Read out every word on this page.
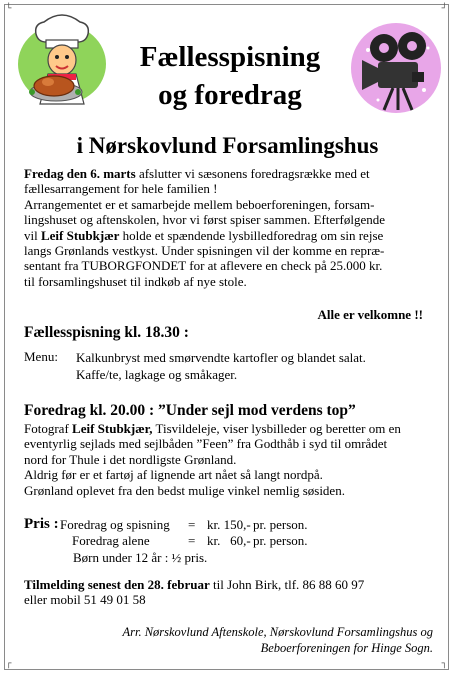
└	┘
┌	┐
Fællesspisning
og foredrag
i Nørskovlund Forsamlingshus
Fredag den 6. marts afslutter vi sæsonens foredragsrække med et
fællesarrangement for hele familien !
Arrangementet er et samarbejde mellem beboerforeningen, forsam-
lingshuset og aftenskolen, hvor vi først spiser sammen. Efterfølgende
vil Leif Stubkjær holde et spændende lysbilledforedrag om sin rejse
langs Grønlands vestkyst. Under spisningen vil der komme en repræ-
sentant fra TUBORGFONDET for at aflevere en check på 25.000 kr.
til forsamlingshuset til indkøb af nye stole.
Alle er velkomne !!
Fællesspisning kl. 18.30 :
Menu: Kalkunbryst med smørvendte kartofler og blandet salat.
Kaffe/te, lagkage og småkager.
Foredrag kl. 20.00 : ”Under sejl mod verdens top”
Fotograf Leif Stubkjær, Tisvildeleje, viser lysbilleder og beretter om en
eventyrlig sejlads med sejlbåden ”Feen” fra Godthåb i syd til området
nord for Thule i det nordligste Grønland.
Aldrig før er et fartøj af lignende art nået så langt nordpå.
Grønland oplevet fra den bedst mulige vinkel nemlig søsiden.
Pris : Foredrag og spisning = kr. 150,- pr. person.
Foredrag alene	= kr.   60,- pr. person.
Børn under 12 år : ½ pris.
Tilmelding senest den 28. februar til John Birk, tlf. 86 88 60 97
eller mobil 51 49 01 58
Arr. Nørskovlund Aftenskole, Nørskovlund Forsamlingshus og
Beboerforeningen for Hinge Sogn.
